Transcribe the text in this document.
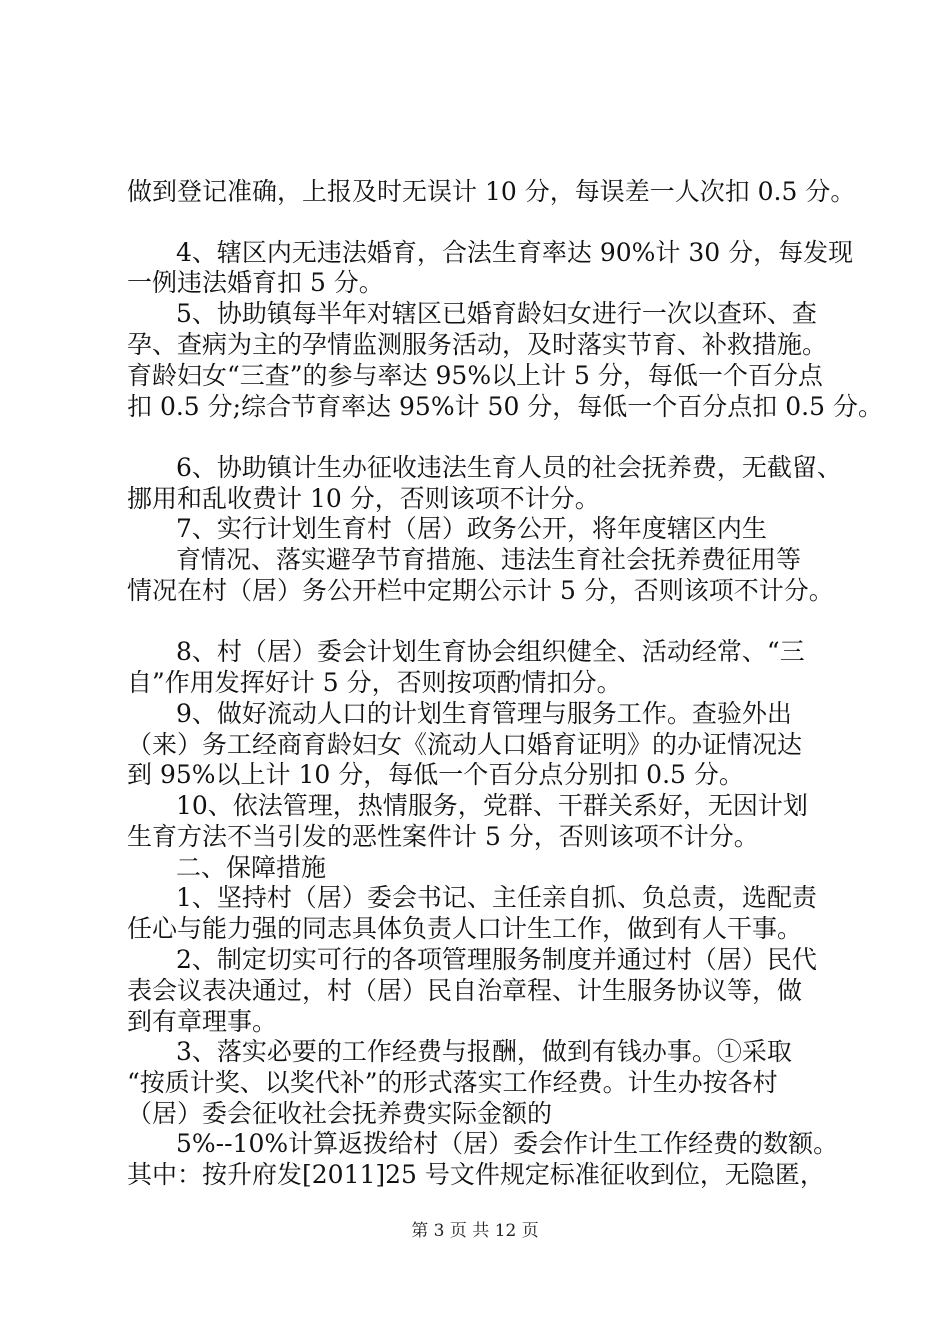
做到登记准确，上报及时无误计 10 分，每误差一人次扣 0.5 分。
4、辖区内无违法婚育，合法生育率达 90%计 30 分，每发现
一例违法婚育扣 5 分。
5、协助镇每半年对辖区已婚育龄妇女进行一次以查环、查
孕、查病为主的孕情监测服务活动，及时落实节育、补救措施。
育龄妇女“三查”的参与率达 95%以上计 5 分，每低一个百分点
扣 0.5 分;综合节育率达 95%计 50 分，每低一个百分点扣 0.5 分。
6、协助镇计生办征收违法生育人员的社会抚养费，无截留、
挪用和乱收费计 10 分，否则该项不计分。
7、实行计划生育村（居）政务公开，将年度辖区内生
育情况、落实避孕节育措施、违法生育社会抚养费征用等
情况在村（居）务公开栏中定期公示计 5 分，否则该项不计分。
8、村（居）委会计划生育协会组织健全、活动经常、“三
自”作用发挥好计 5 分，否则按项酌情扣分。
9、做好流动人口的计划生育管理与服务工作。查验外出
（来）务工经商育龄妇女《流动人口婚育证明》的办证情况达
到 95%以上计 10 分，每低一个百分点分别扣 0.5 分。
10、依法管理，热情服务，党群、干群关系好，无因计划
生育方法不当引发的恶性案件计 5 分，否则该项不计分。
二、保障措施
1、坚持村（居）委会书记、主任亲自抓、负总责，选配责
任心与能力强的同志具体负责人口计生工作，做到有人干事。
2、制定切实可行的各项管理服务制度并通过村（居）民代
表会议表决通过，村（居）民自治章程、计生服务协议等，做
到有章理事。
3、落实必要的工作经费与报酬，做到有钱办事。①采取
“按质计奖、以奖代补”的形式落实工作经费。计生办按各村
（居）委会征收社会抚养费实际金额的
5%--10%计算返拨给村（居）委会作计生工作经费的数额。
其中：按升府发[2011]25 号文件规定标准征收到位，无隐匿，
第 3 页 共 12 页
